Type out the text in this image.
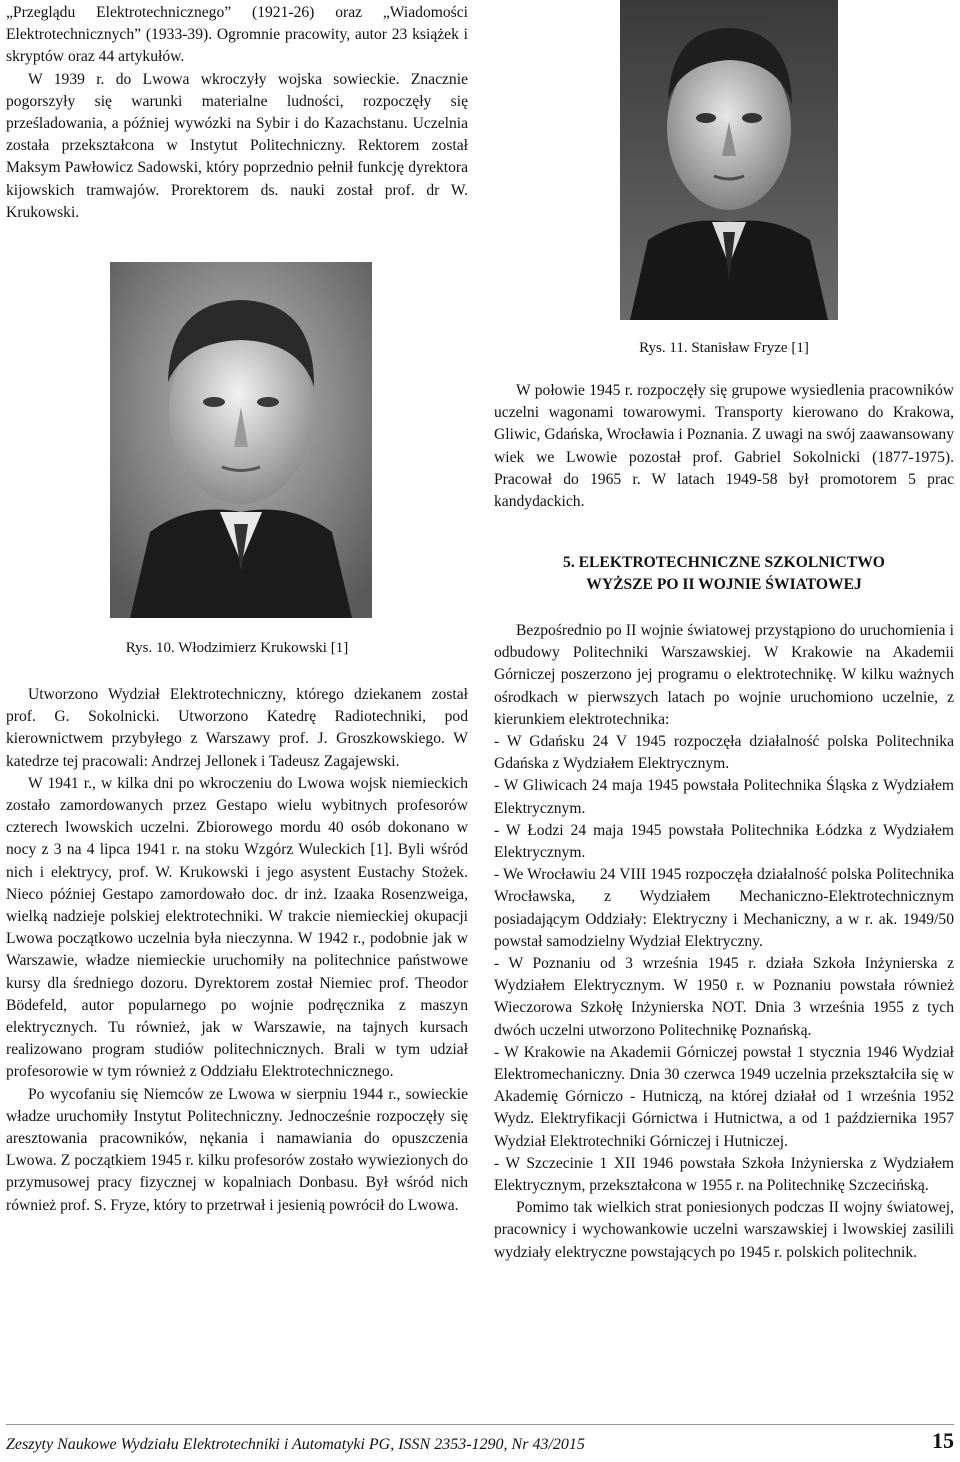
„Przeglądu Elektrotechnicznego” (1921-26) oraz „Wiadomości Elektrotechnicznych” (1933-39). Ogromnie pracowity, autor 23 książek i skryptów oraz 44 artykułów.

W 1939 r. do Lwowa wkroczyły wojska sowieckie. Znacznie pogorszyły się warunki materialne ludności, rozpoczęły się prześladowania, a później wywózki na Sybir i do Kazachstanu. Uczelnia została przekształcona w Instytut Politechniczny. Rektorem został Maksym Pawłowicz Sadowski, który poprzednio pełnił funkcję dyrektora kijowskich tramwajów. Prorektorem ds. nauki został prof. dr W. Krukowski.

Rys. 10. Włodzimierz Krukowski [1]

Utworzono Wydział Elektrotechniczny, którego dziekanem został prof. G. Sokolnicki. Utworzono Katedrę Radiotechniki, pod kierownictwem przybyłego z Warszawy prof. J. Groszkowskiego. W katedrze tej pracowali: Andrzej Jellonek i Tadeusz Zagajewski.

W 1941 r., w kilka dni po wkroczeniu do Lwowa wojsk niemieckich zostało zamordowanych przez Gestapo wielu wybitnych profesorów czterech lwowskich uczelni. Zbiorowego mordu 40 osób dokonano w nocy z 3 na 4 lipca 1941 r. na stoku Wzgórz Wuleckich [1]. Byli wśród nich i elektrycy, prof. W. Krukowski i jego asystent Eustachy Stożek. Nieco później Gestapo zamordowało doc. dr inż. Izaaka Rosenzweiga, wielką nadzieje polskiej elektrotechniki. W trakcie niemieckiej okupacji Lwowa początkowo uczelnia była nieczynna. W 1942 r., podobnie jak w Warszawie, władze niemieckie uruchomiły na politechnice państwowe kursy dla średniego dozoru. Dyrektorem został Niemiec prof. Theodor Bödefeld, autor popularnego po wojnie podręcznika z maszyn elektrycznych. Tu również, jak w Warszawie, na tajnych kursach realizowano program studiów politechnicznych. Brali w tym udział profesorowie w tym również z Oddziału Elektrotechnicznego.

Po wycofaniu się Niemców ze Lwowa w sierpniu 1944 r., sowieckie władze uruchomiły Instytut Politechniczny. Jednocześnie rozpoczęły się aresztowania pracowników, nękania i namawiania do opuszczenia Lwowa. Z początkiem 1945 r. kilku profesorów zostało wywiezionych do przymusowej pracy fizycznej w kopalniach Donbasu. Był wśród nich również prof. S. Fryze, który to przetrwał i jesienią powrócił do Lwowa.

Rys. 11. Stanisław Fryze [1]

W połowie 1945 r. rozpoczęły się grupowe wysiedlenia pracowników uczelni wagonami towarowymi. Transporty kierowano do Krakowa, Gliwic, Gdańska, Wrocławia i Poznania. Z uwagi na swój zaawansowany wiek we Lwowie pozostał prof. Gabriel Sokolnicki (1877-1975). Pracował do 1965 r. W latach 1949-58 był promotorem 5 prac kandydackich.

5. ELEKTROTECHNICZNE SZKOLNICTWO
WYŻSZE PO II WOJNIE ŚWIATOWEJ

Bezpośrednio po II wojnie światowej przystąpiono do uruchomienia i odbudowy Politechniki Warszawskiej. W Krakowie na Akademii Górniczej poszerzono jej programu o elektrotechnikę. W kilku ważnych ośrodkach w pierwszych latach po wojnie uruchomiono uczelnie, z kierunkiem elektrotechnika:

- W Gdańsku 24 V 1945 rozpoczęła działalność polska Politechnika Gdańska z Wydziałem Elektrycznym.

- W Gliwicach 24 maja 1945 powstała Politechnika Śląska z Wydziałem Elektrycznym.

- W Łodzi 24 maja 1945 powstała Politechnika Łódzka z Wydziałem Elektrycznym.

- We Wrocławiu 24 VIII 1945 rozpoczęła działalność polska Politechnika Wrocławska, z Wydziałem Mechaniczno-Elektrotechnicznym posiadającym Oddziały: Elektryczny i Mechaniczny, a w r. ak. 1949/50 powstał samodzielny Wydział Elektryczny.

- W Poznaniu od 3 września 1945 r. działa Szkoła Inżynierska z Wydziałem Elektrycznym. W 1950 r. w Poznaniu powstała również Wieczorowa Szkołę Inżynierska NOT. Dnia 3 września 1955 z tych dwóch uczelni utworzono Politechnikę Poznańską.

- W Krakowie na Akademii Górniczej powstał 1 stycznia 1946 Wydział Elektromechaniczny. Dnia 30 czerwca 1949 uczelnia przekształciła się w Akademię Górniczo - Hutniczą, na której działał od 1 września 1952 Wydz. Elektryfikacji Górnictwa i Hutnictwa, a od 1 października 1957 Wydział Elektrotechniki Górniczej i Hutniczej.

- W Szczecinie 1 XII 1946 powstała Szkoła Inżynierska z Wydziałem Elektrycznym, przekształcona w 1955 r. na Politechnikę Szczecińską.

Pomimo tak wielkich strat poniesionych podczas II wojny światowej, pracownicy i wychowankowie uczelni warszawskiej i lwowskiej zasilili wydziały elektryczne powstających po 1945 r. polskich politechnik.

Zeszyty Naukowe Wydziału Elektrotechniki i Automatyki PG, ISSN 2353-1290, Nr 43/2015	15
